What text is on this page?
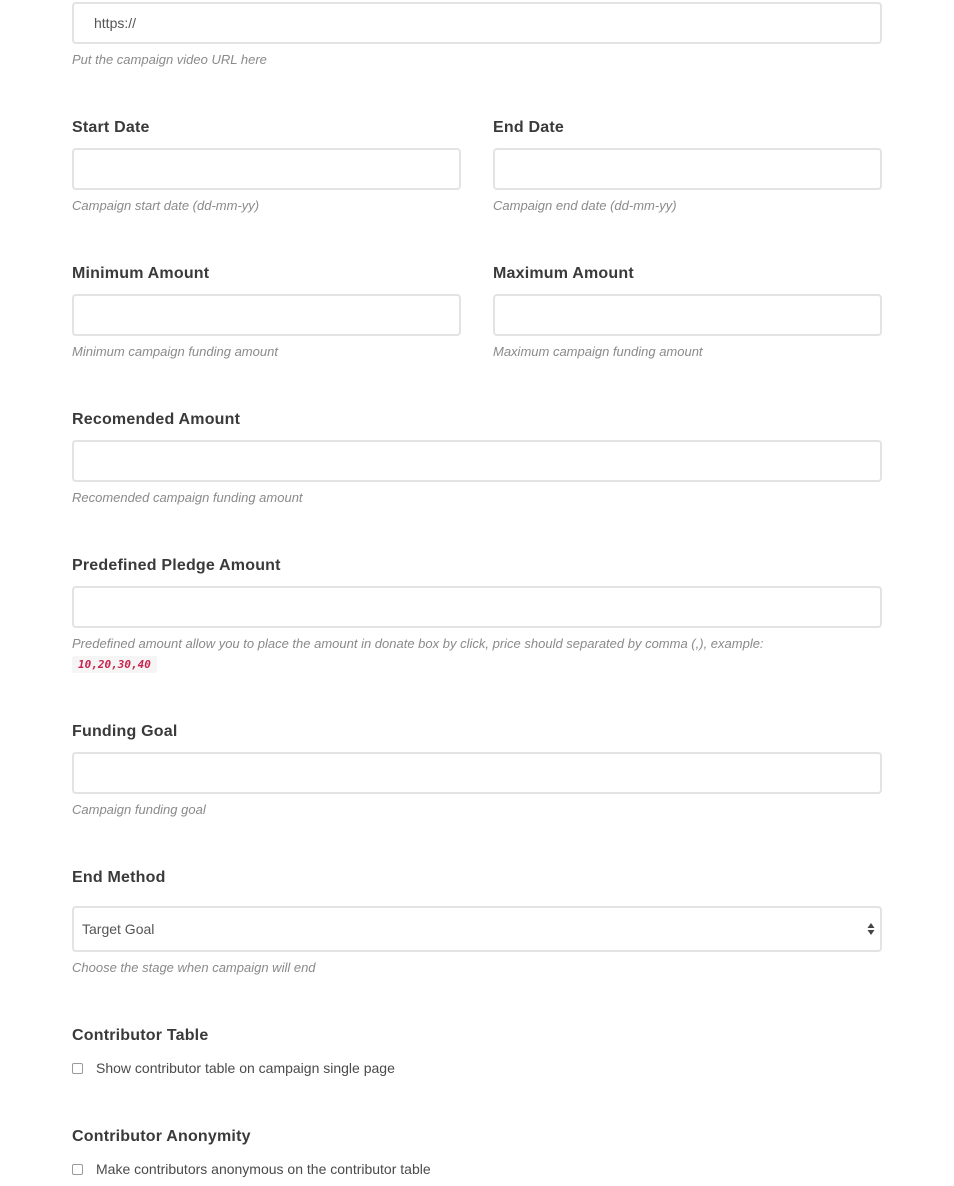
https://
Put the campaign video URL here
Start Date
Campaign start date (dd-mm-yy)
End Date
Campaign end date (dd-mm-yy)
Minimum Amount
Minimum campaign funding amount
Maximum Amount
Maximum campaign funding amount
Recomended Amount
Recomended campaign funding amount
Predefined Pledge Amount
Predefined amount allow you to place the amount in donate box by click, price should separated by comma (,), example:
10,20,30,40
Funding Goal
Campaign funding goal
End Method
Target Goal
Choose the stage when campaign will end
Contributor Table
Show contributor table on campaign single page
Contributor Anonymity
Make contributors anonymous on the contributor table
